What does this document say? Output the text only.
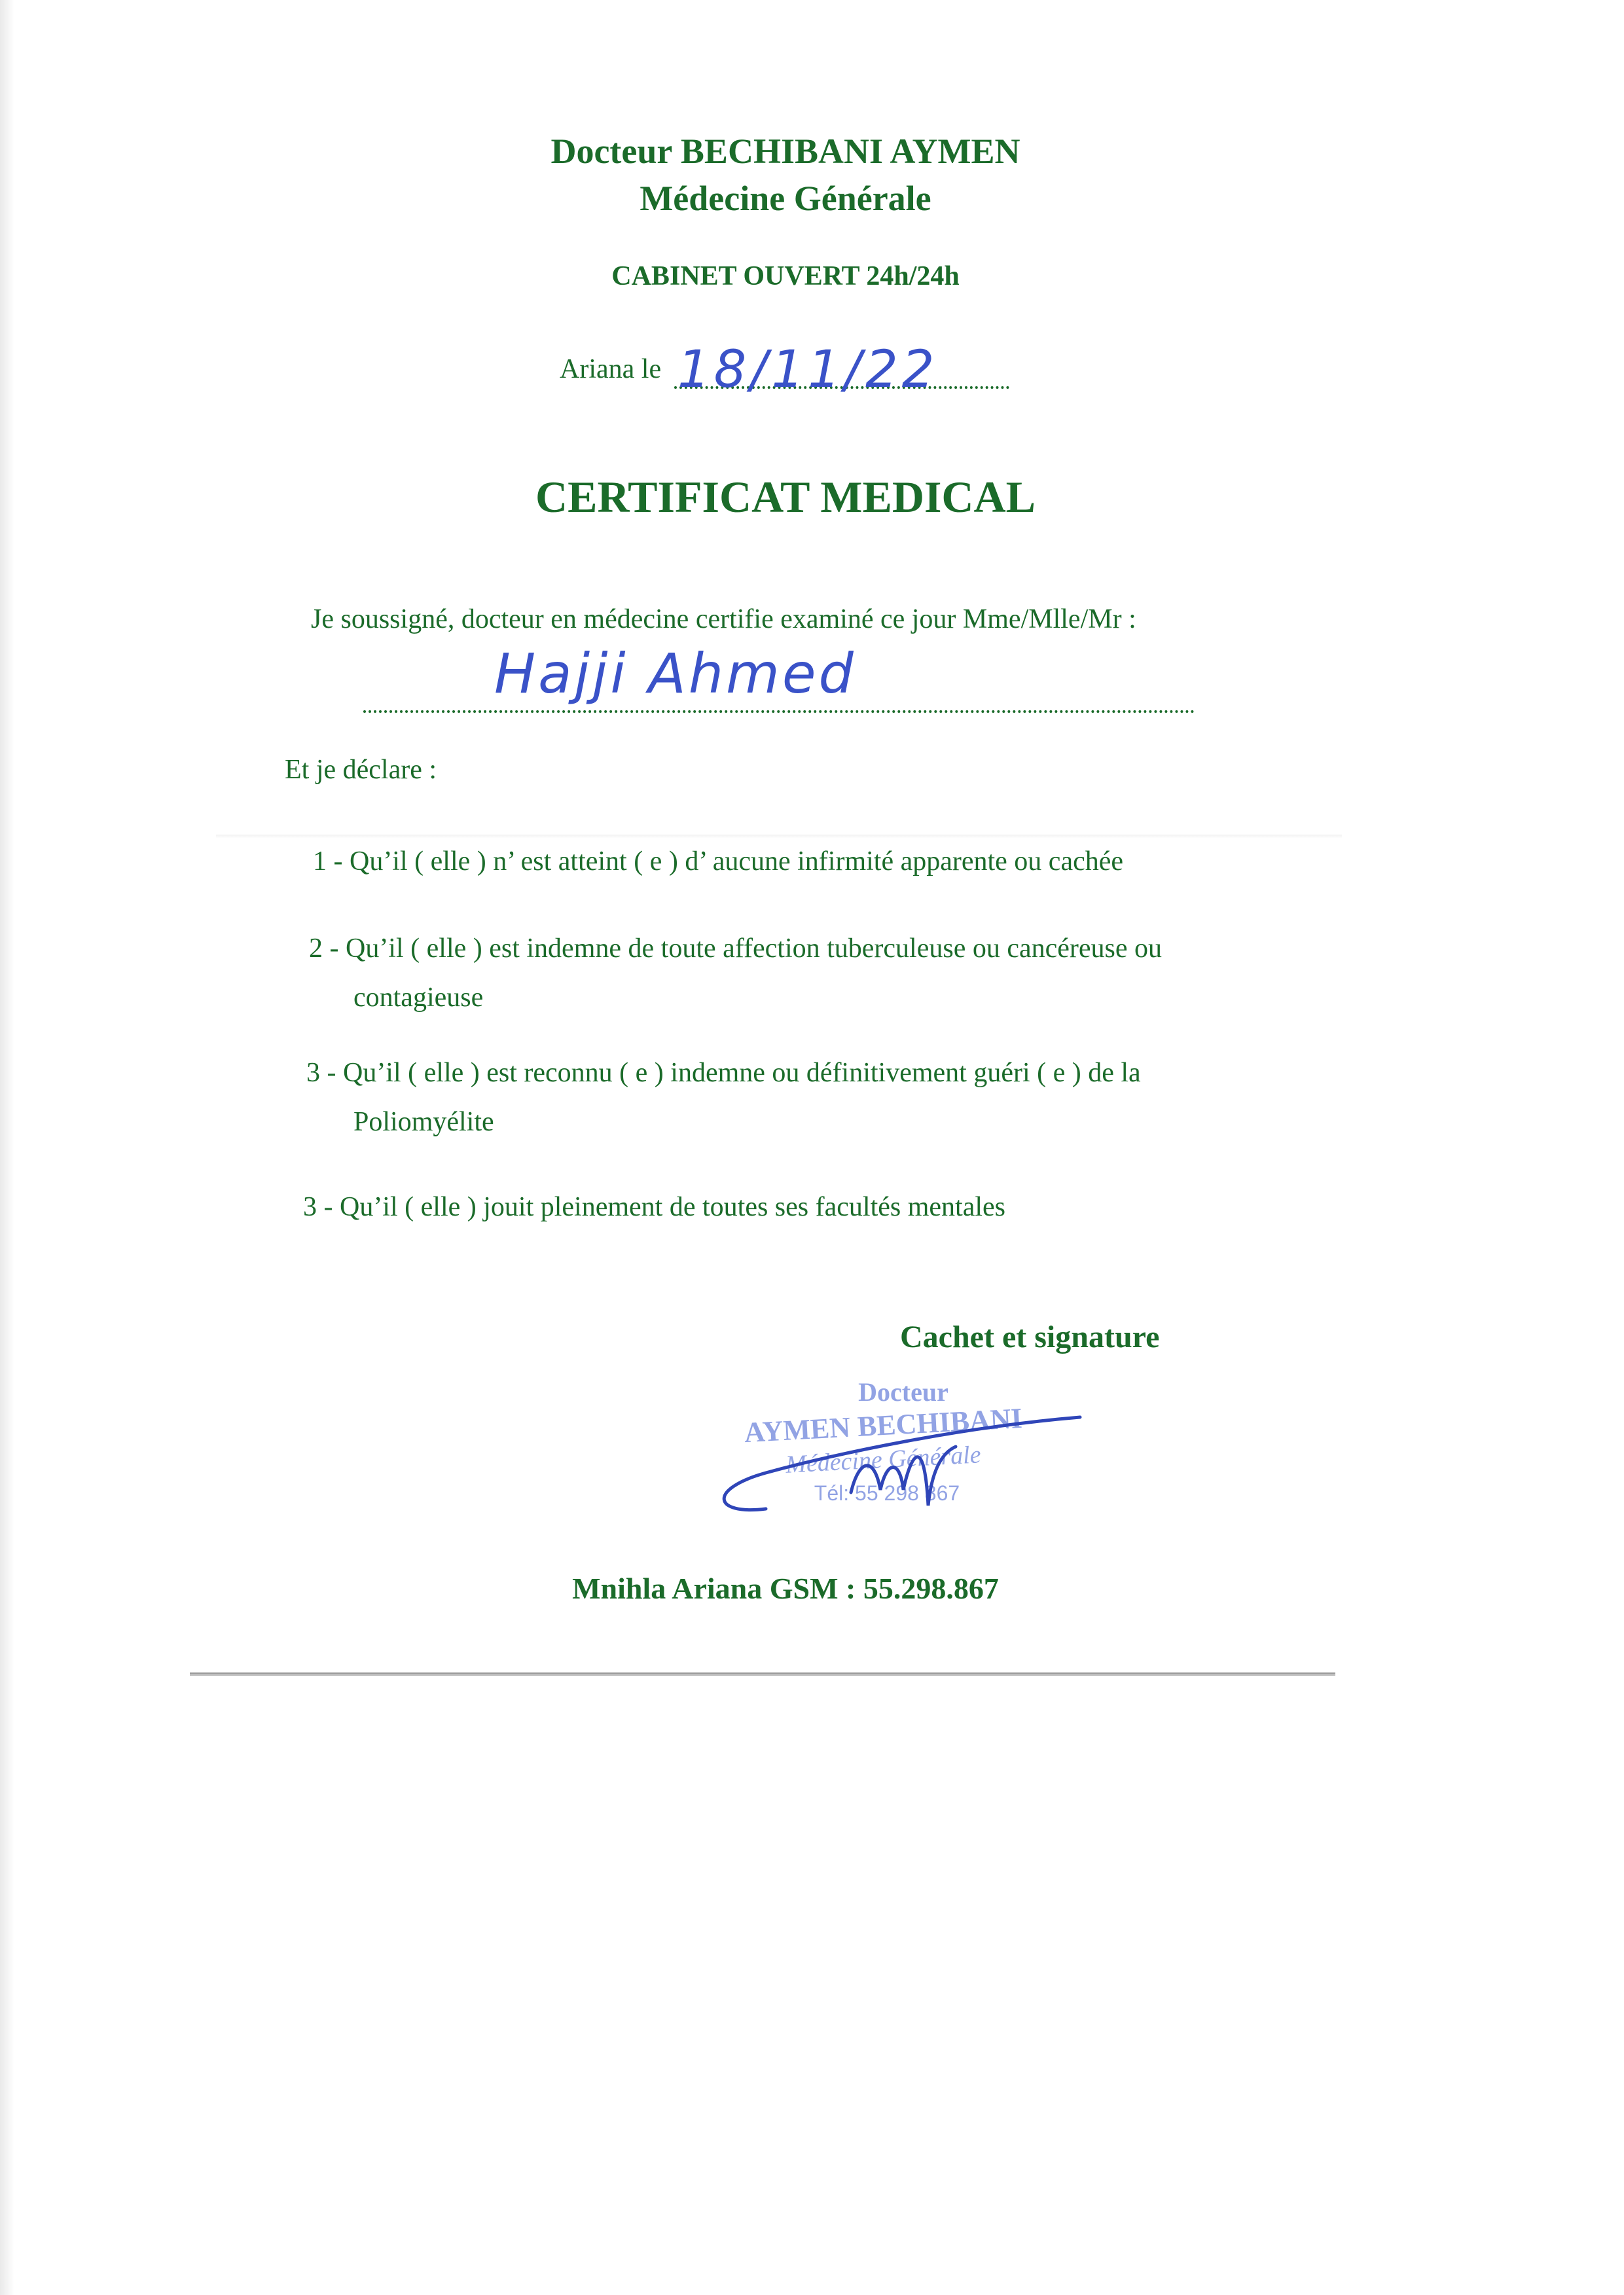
Docteur BECHIBANI AYMEN
Médecine Générale
CABINET OUVERT 24h/24h
Ariana le 18/11/22
CERTIFICAT MEDICAL
Je soussigné, docteur en médecine certifie examiné ce jour Mme/Mlle/Mr :
Hajji Ahmed
Et je déclare :
1 - Qu’il ( elle ) n’ est atteint ( e ) d’ aucune infirmité apparente ou cachée
2 - Qu’il ( elle ) est indemne de toute affection tuberculeuse ou cancéreuse ou
contagieuse
3 - Qu’il ( elle ) est reconnu ( e ) indemne ou définitivement guéri ( e ) de la
Poliomyélite
3 - Qu’il ( elle ) jouit pleinement de toutes ses facultés mentales
Cachet et signature
Docteur
AYMEN BECHIBANI
Médecine Générale
Tél: 55 298 867
Mnihla Ariana GSM : 55.298.867
